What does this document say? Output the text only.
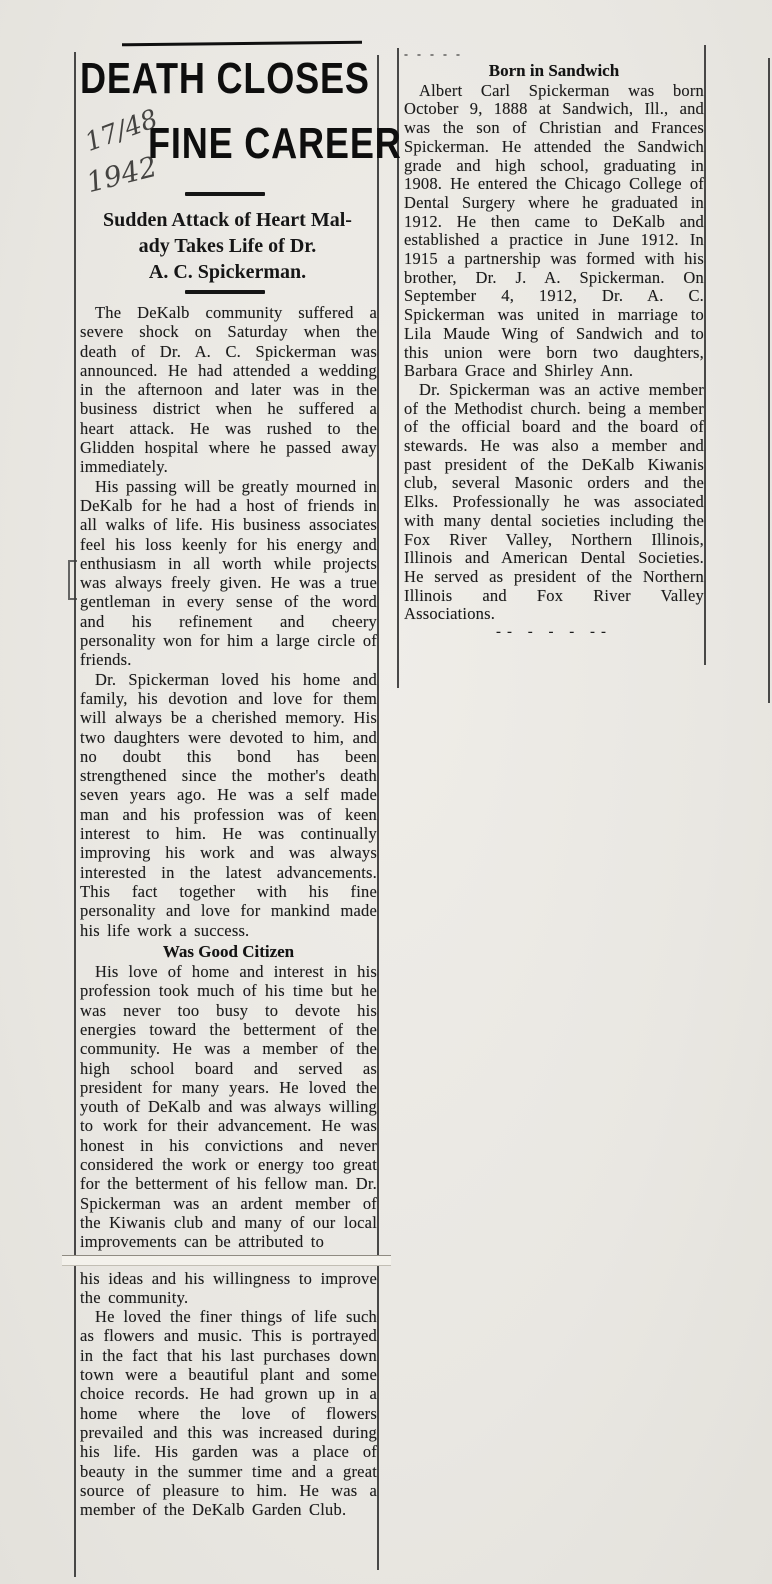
DEATH CLOSES
FINE CAREER
17/48
1942
Sudden Attack of Heart Mal-
ady Takes Life of Dr.
A. C. Spickerman.

The DeKalb community suffered a severe shock on Saturday when the death of Dr. A. C. Spickerman was announced. He had attended a wedding in the afternoon and later was in the business district when he suffered a heart attack. He was rushed to the Glidden hospital where he passed away immediately.

His passing will be greatly mourned in DeKalb for he had a host of friends in all walks of life. His business associates feel his loss keenly for his energy and enthusiasm in all worth while projects was always freely given. He was a true gentleman in every sense of the word and his refinement and cheery personality won for him a large circle of friends.

Dr. Spickerman loved his home and family, his devotion and love for them will always be a cherished memory. His two daughters were devoted to him, and no doubt this bond has been strengthened since the mother's death seven years ago. He was a self made man and his profession was of keen interest to him. He was continually improving his work and was always interested in the latest advancements. This fact together with his fine personality and love for mankind made his life work a success.

Was Good Citizen

His love of home and interest in his profession took much of his time but he was never too busy to devote his energies toward the betterment of the community. He was a member of the high school board and served as president for many years. He loved the youth of DeKalb and was always willing to work for their advancement. He was honest in his convictions and never considered the work or energy too great for the betterment of his fellow man. Dr. Spickerman was an ardent member of the Kiwanis club and many of our local improvements can be attributed to

his ideas and his willingness to improve the community.

He loved the finer things of life such as flowers and music. This is portrayed in the fact that his last purchases down town were a beautiful plant and some choice records. He had grown up in a home where the love of flowers prevailed and this was increased during his life. His garden was a place of beauty in the summer time and a great source of pleasure to him. He was a member of the DeKalb Garden Club.

- - - - -
Born in Sandwich

Albert Carl Spickerman was born October 9, 1888 at Sandwich, Ill., and was the son of Christian and Frances Spickerman. He attended the Sandwich grade and high school, graduating in 1908. He entered the Chicago College of Dental Surgery where he graduated in 1912. He then came to DeKalb and established a practice in June 1912. In 1915 a partnership was formed with his brother, Dr. J. A. Spickerman. On September 4, 1912, Dr. A. C. Spickerman was united in marriage to Lila Maude Wing of Sandwich and to this union were born two daughters, Barbara Grace and Shirley Ann.

Dr. Spickerman was an active member of the Methodist church. being a member of the official board and the board of stewards. He was also a member and past president of the DeKalb Kiwanis club, several Masonic orders and the Elks. Professionally he was associated with many dental societies including the Fox River Valley, Northern Illinois, Illinois and American Dental Societies. He served as president of the Northern Illinois and Fox River Valley Associations.

-- - - - --
